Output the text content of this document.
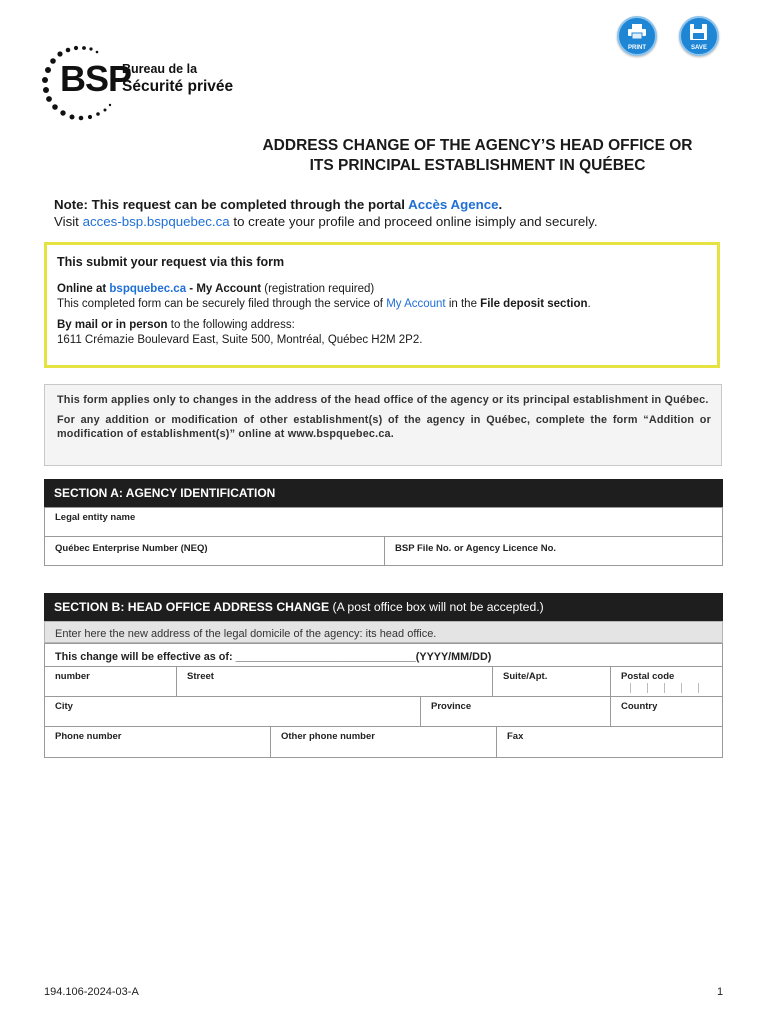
BSP
Bureau de la
Sécurité privée
PRINT	SAVE
ADDRESS CHANGE OF THE AGENCY’S HEAD OFFICE OR
ITS PRINCIPAL ESTABLISHMENT IN QUÉBEC
Note: This request can be completed through the portal Accès Agence.
Visit acces-bsp.bspquebec.ca to create your profile and proceed online isimply and securely.
This submit your request via this form
Online at bspquebec.ca - My Account (registration required)
This completed form can be securely filed through the service of My Account in the File deposit section.
By mail or in person to the following address:
1611 Crémazie Boulevard East, Suite 500, Montréal, Québec H2M 2P2.
This form applies only to changes in the address of the head office of the agency or its principal establishment in Québec.
For any addition or modification of other establishment(s) of the agency in Québec, complete the form “Addition or modification of establishment(s)” online at www.bspquebec.ca.
SECTION A: AGENCY IDENTIFICATION
Legal entity name
Québec Enterprise Number (NEQ)	BSP File No. or Agency Licence No.
SECTION B: HEAD OFFICE ADDRESS CHANGE (A post office box will not be accepted.)
Enter here the new address of the legal domicile of the agency: its head office.
This change will be effective as of: ______________________________(YYYY/MM/DD)
number	Street	Suite/Apt.	Postal code
City	Province	Country
Phone number	Other phone number	Fax
194.106-2024-03-A	1
